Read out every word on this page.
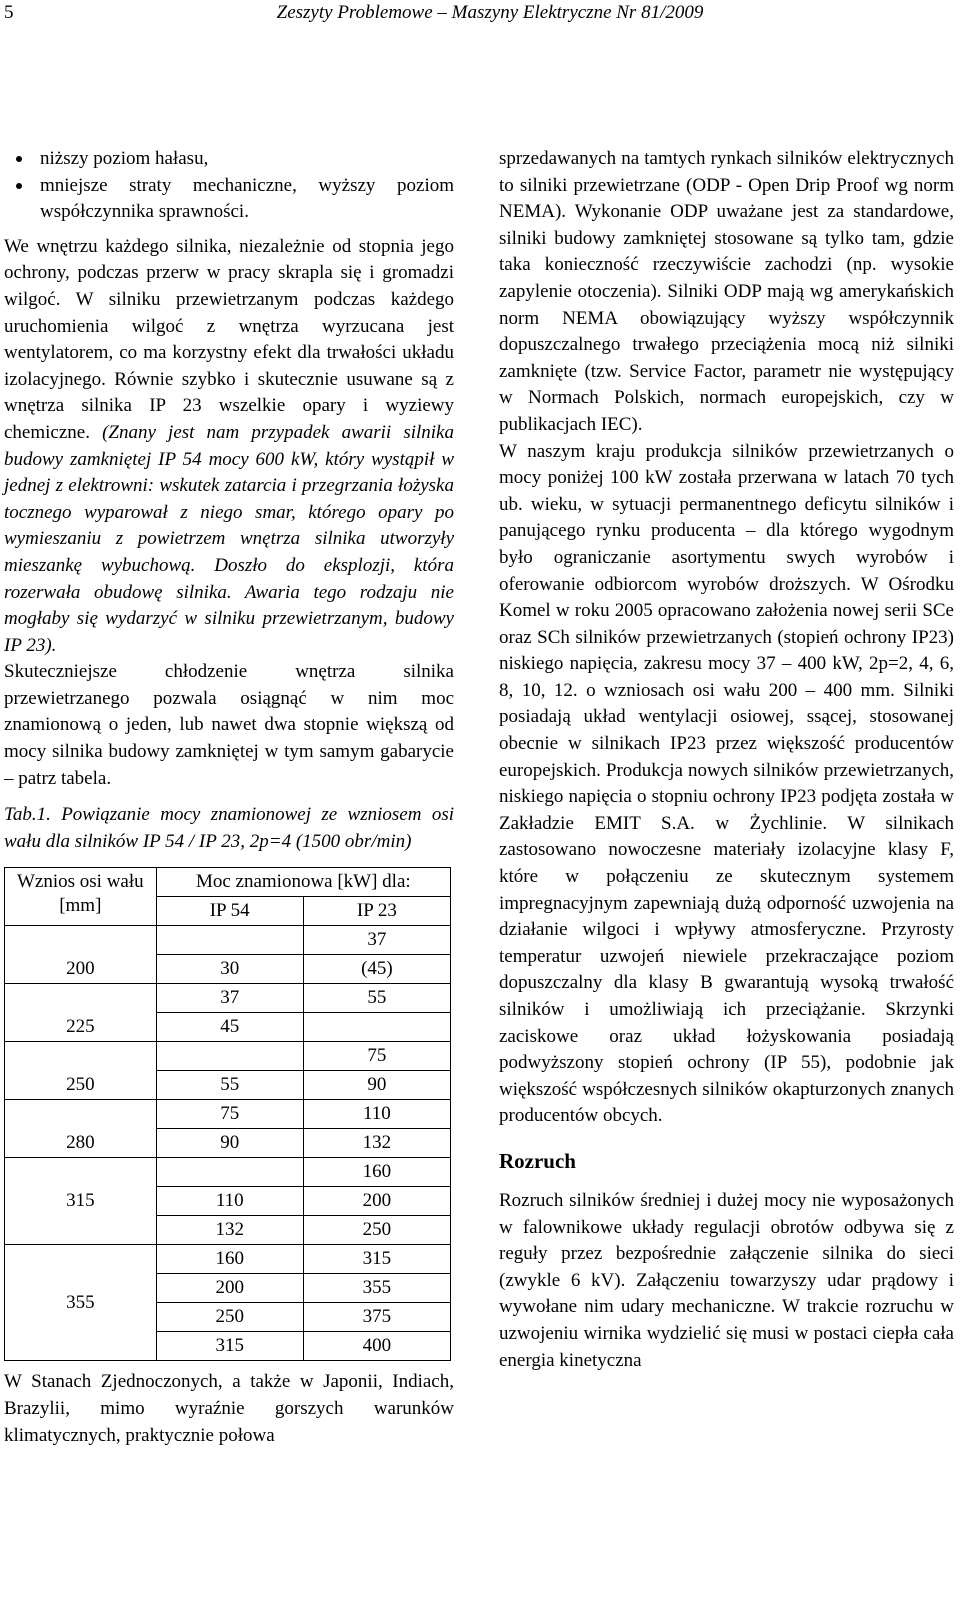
5	Zeszyty Problemowe – Maszyny Elektryczne Nr 81/2009
niższy poziom hałasu,
mniejsze straty mechaniczne, wyższy poziom współczynnika sprawności.

We wnętrzu każdego silnika, niezależnie od stopnia jego ochrony, podczas przerw w pracy skrapla się i gromadzi wilgoć. W silniku przewietrzanym podczas każdego uruchomienia wilgoć z wnętrza wyrzucana jest wentylatorem, co ma korzystny efekt dla trwałości układu izolacyjnego. Równie szybko i skutecznie usuwane są z wnętrza silnika IP 23 wszelkie opary i wyziewy chemiczne. (Znany jest nam przypadek awarii silnika budowy zamkniętej IP 54 mocy 600 kW, który wystąpił w jednej z elektrowni: wskutek zatarcia i przegrzania łożyska tocznego wyparował z niego smar, którego opary po wymieszaniu z powietrzem wnętrza silnika utworzyły mieszankę wybuchową. Doszło do eksplozji, która rozerwała obudowę silnika. Awaria tego rodzaju nie mogłaby się wydarzyć w silniku przewietrzanym, budowy IP 23).

Skuteczniejsze chłodzenie wnętrza silnika przewietrzanego pozwala osiągnąć w nim moc znamionową o jeden, lub nawet dwa stopnie większą od mocy silnika budowy zamkniętej w tym samym gabarycie – patrz tabela.

Tab.1. Powiązanie mocy znamionowej ze wzniosem osi wału dla silników IP 54 / IP 23, 2p=4 (1500 obr/min)

Wznios osi wału [mm]	Moc znamionowa [kW] dla:	
	IP 54	IP 23
200		37
	30	(45)
225	37	55
	45	
250		75
	55	90
280	75	110
	90	132
315		160
	110	200
	132	250
355	160	315
	200	355
	250	375
	315	400

W Stanach Zjednoczonych, a także w Japonii, Indiach, Brazylii, mimo wyraźnie gorszych warunków klimatycznych, praktycznie połowa

sprzedawanych na tamtych rynkach silników elektrycznych to silniki przewietrzane (ODP - Open Drip Proof wg norm NEMA). Wykonanie ODP uważane jest za standardowe, silniki budowy zamkniętej stosowane są tylko tam, gdzie taka konieczność rzeczywiście zachodzi (np. wysokie zapylenie otoczenia). Silniki ODP mają wg amerykańskich norm NEMA obowiązujący wyższy współczynnik dopuszczalnego trwałego przeciążenia mocą niż silniki zamknięte (tzw. Service Factor, parametr nie występujący w Normach Polskich, normach europejskich, czy w publikacjach IEC).

W naszym kraju produkcja silników przewietrzanych o mocy poniżej 100 kW została przerwana w latach 70 tych ub. wieku, w sytuacji permanentnego deficytu silników i panującego rynku producenta – dla którego wygodnym było ograniczanie asortymentu swych wyrobów i oferowanie odbiorcom wyrobów droższych. W Ośrodku Komel w roku 2005 opracowano założenia nowej serii SCe oraz SCh silników przewietrzanych (stopień ochrony IP23) niskiego napięcia, zakresu mocy 37 – 400 kW, 2p=2, 4, 6, 8, 10, 12. o wzniosach osi wału 200 – 400 mm. Silniki posiadają układ wentylacji osiowej, ssącej, stosowanej obecnie w silnikach IP23 przez większość producentów europejskich. Produkcja nowych silników przewietrzanych, niskiego napięcia o stopniu ochrony IP23 podjęta została w Zakładzie EMIT S.A. w Żychlinie. W silnikach zastosowano nowoczesne materiały izolacyjne klasy F, które w połączeniu ze skutecznym systemem impregnacyjnym zapewniają dużą odporność uzwojenia na działanie wilgoci i wpływy atmosferyczne. Przyrosty temperatur uzwojeń niewiele przekraczające poziom dopuszczalny dla klasy B gwarantują wysoką trwałość silników i umożliwiają ich przeciążanie. Skrzynki zaciskowe oraz układ łożyskowania posiadają podwyższony stopień ochrony (IP 55), podobnie jak większość współczesnych silników okapturzonych znanych producentów obcych.

Rozruch

Rozruch silników średniej i dużej mocy nie wyposażonych w falownikowe układy regulacji obrotów odbywa się z reguły przez bezpośrednie załączenie silnika do sieci (zwykle 6 kV). Załączeniu towarzyszy udar prądowy i wywołane nim udary mechaniczne. W trakcie rozruchu w uzwojeniu wirnika wydzielić się musi w postaci ciepła cała energia kinetyczna
